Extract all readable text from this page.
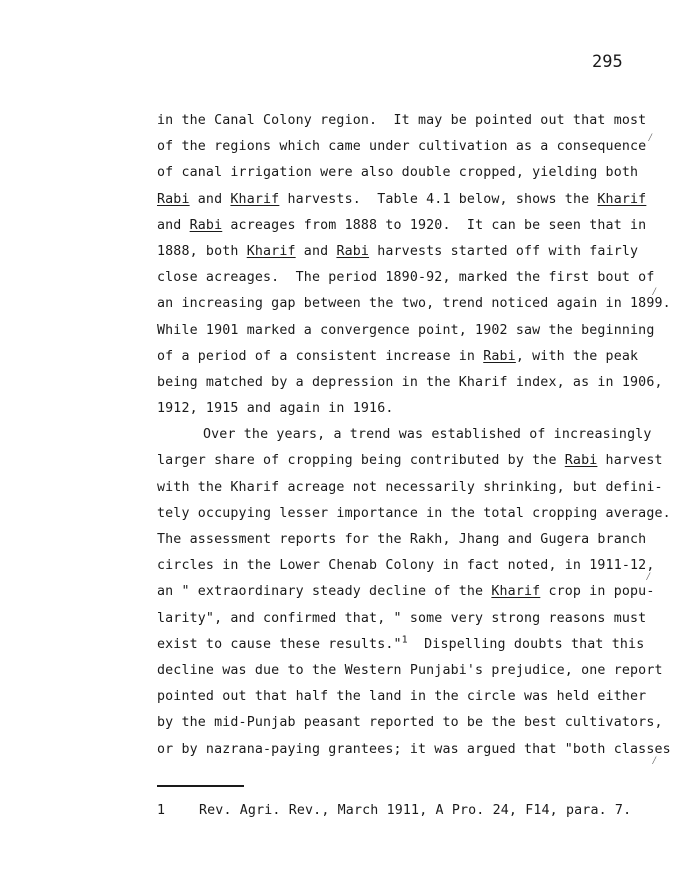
295
in the Canal Colony region.  It may be pointed out that most
of the regions which came under cultivation as a consequence
of canal irrigation were also double cropped, yielding both
Rabi and Kharif harvests.  Table 4.1 below, shows the Kharif
and Rabi acreages from 1888 to 1920.  It can be seen that in
1888, both Kharif and Rabi harvests started off with fairly
close acreages.  The period 1890-92, marked the first bout of
an increasing gap between the two, trend noticed again in 1899.
While 1901 marked a convergence point, 1902 saw the beginning
of a period of a consistent increase in Rabi, with the peak
being matched by a depression in the Kharif index, as in 1906,
1912, 1915 and again in 1916.
Over the years, a trend was established of increasingly
larger share of cropping being contributed by the Rabi harvest
with the Kharif acreage not necessarily shrinking, but defini-
tely occupying lesser importance in the total cropping average.
The assessment reports for the Rakh, Jhang and Gugera branch
circles in the Lower Chenab Colony in fact noted, in 1911-12,
an " extraordinary steady decline of the Kharif crop in popu-
larity", and confirmed that, " some very strong reasons must
exist to cause these results."$^1$  Dispelling doubts that this
decline was due to the Western Punjabi's prejudice, one report
pointed out that half the land in the circle was held either
by the mid-Punjab peasant reported to be the best cultivators,
or by nazrana-paying grantees; it was argued that "both classes
1	Rev. Agri. Rev., March 1911, A Pro. 24, F14, para. 7.
⁄
⁄
⁄
⁄
